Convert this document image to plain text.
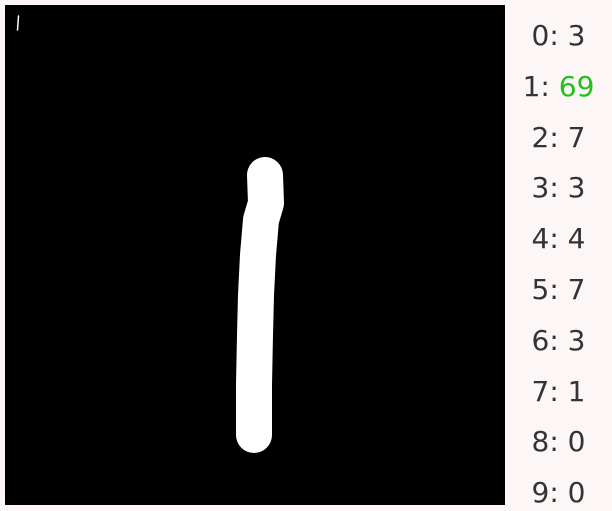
0: 3
1: 69
2: 7
3: 3
4: 4
5: 7
6: 3
7: 1
8: 0
9: 0
